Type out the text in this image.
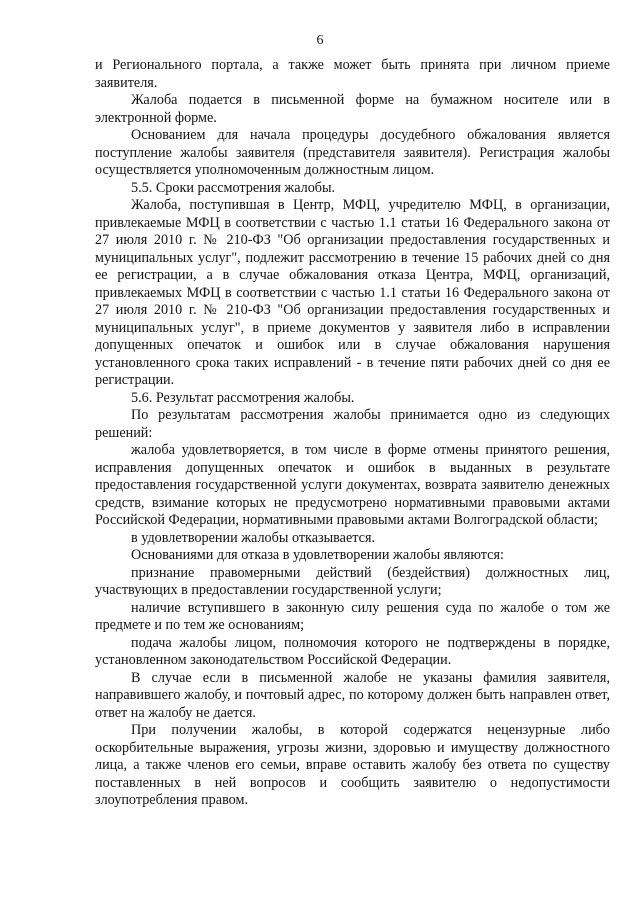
6

и Регионального портала, а также может быть принята при личном приеме заявителя.

Жалоба подается в письменной форме на бумажном носителе или в электронной форме.

Основанием для начала процедуры досудебного обжалования является поступление жалобы заявителя (представителя заявителя). Регистрация жалобы осуществляется уполномоченным должностным лицом.

5.5. Сроки рассмотрения жалобы.

Жалоба, поступившая в Центр, МФЦ, учредителю МФЦ, в организации, привлекаемые МФЦ в соответствии с частью 1.1 статьи 16 Федерального закона от 27 июля 2010 г. № 210-ФЗ "Об организации предоставления государственных и муниципальных услуг", подлежит рассмотрению в течение 15 рабочих дней со дня ее регистрации, а в случае обжалования отказа Центра, МФЦ, организаций, привлекаемых МФЦ в соответствии с частью 1.1 статьи 16 Федерального закона от 27 июля 2010 г. № 210-ФЗ "Об организации предоставления государственных и муниципальных услуг", в приеме документов у заявителя либо в исправлении допущенных опечаток и ошибок или в случае обжалования нарушения установленного срока таких исправлений - в течение пяти рабочих дней со дня ее регистрации.

5.6. Результат рассмотрения жалобы.

По результатам рассмотрения жалобы принимается одно из следующих решений:

жалоба удовлетворяется, в том числе в форме отмены принятого решения, исправления допущенных опечаток и ошибок в выданных в результате предоставления государственной услуги документах, возврата заявителю денежных средств, взимание которых не предусмотрено нормативными правовыми актами Российской Федерации, нормативными правовыми актами Волгоградской области;

в удовлетворении жалобы отказывается.

Основаниями для отказа в удовлетворении жалобы являются:

признание правомерными действий (бездействия) должностных лиц, участвующих в предоставлении государственной услуги;

наличие вступившего в законную силу решения суда по жалобе о том же предмете и по тем же основаниям;

подача жалобы лицом, полномочия которого не подтверждены в порядке, установленном законодательством Российской Федерации.

В случае если в письменной жалобе не указаны фамилия заявителя, направившего жалобу, и почтовый адрес, по которому должен быть направлен ответ, ответ на жалобу не дается.

При получении жалобы, в которой содержатся нецензурные либо оскорбительные выражения, угрозы жизни, здоровью и имуществу должностного лица, а также членов его семьи, вправе оставить жалобу без ответа по существу поставленных в ней вопросов и сообщить заявителю о недопустимости злоупотребления правом.
